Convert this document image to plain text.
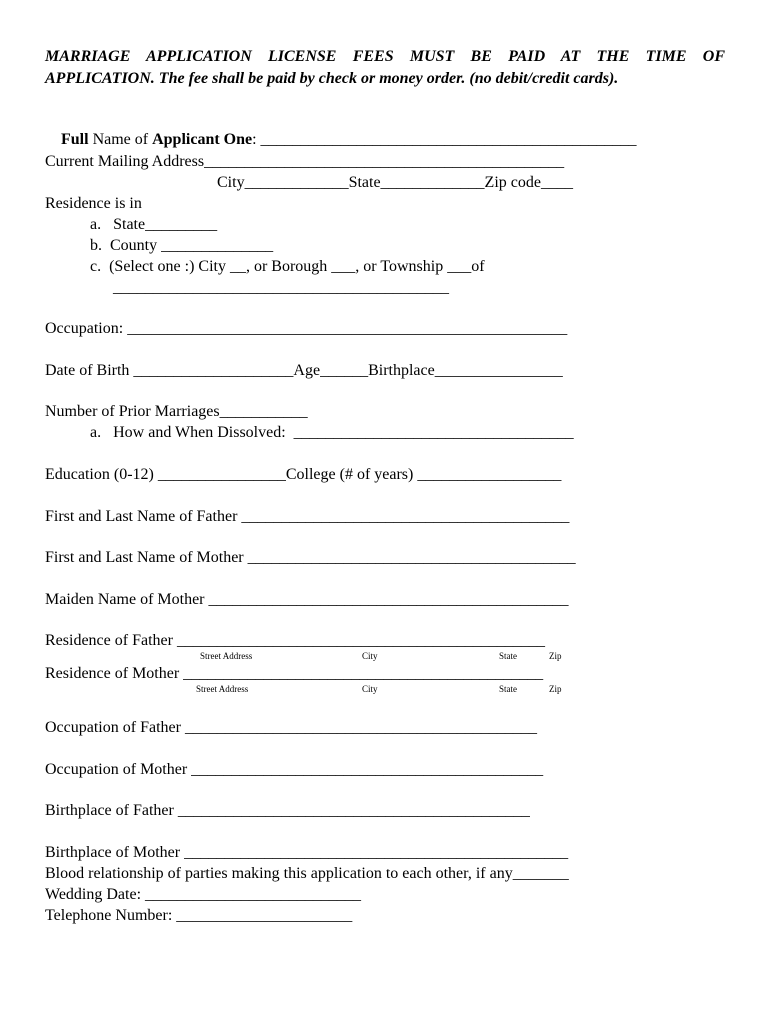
MARRIAGE APPLICATION LICENSE FEES MUST BE PAID AT THE TIME OF
APPLICATION. The fee shall be paid by check or money order. (no debit/credit cards).

Full Name of Applicant One: _______________________________________________

Current Mailing Address_____________________________________________
City_____________State_____________Zip code____
Residence is in
a.   State_________
b.  County ______________
c.  (Select one :) City __, or Borough ___, or Township ___of
__________________________________________
Occupation: _______________________________________________________
Date of Birth ____________________Age______Birthplace________________
Number of Prior Marriages___________
a.   How and When Dissolved:  ___________________________________
Education (0-12) ________________College (# of years) __________________
First and Last Name of Father _________________________________________
First and Last Name of Mother _________________________________________
Maiden Name of Mother _____________________________________________
Residence of Father ______________________________________________
Street Address	City	State	Zip
Residence of Mother _____________________________________________
Street Address	City	State	Zip
Occupation of Father ____________________________________________
Occupation of Mother ____________________________________________
Birthplace of Father ____________________________________________
Birthplace of Mother ________________________________________________
Blood relationship of parties making this application to each other, if any_______
Wedding Date: ___________________________
Telephone Number: ______________________
